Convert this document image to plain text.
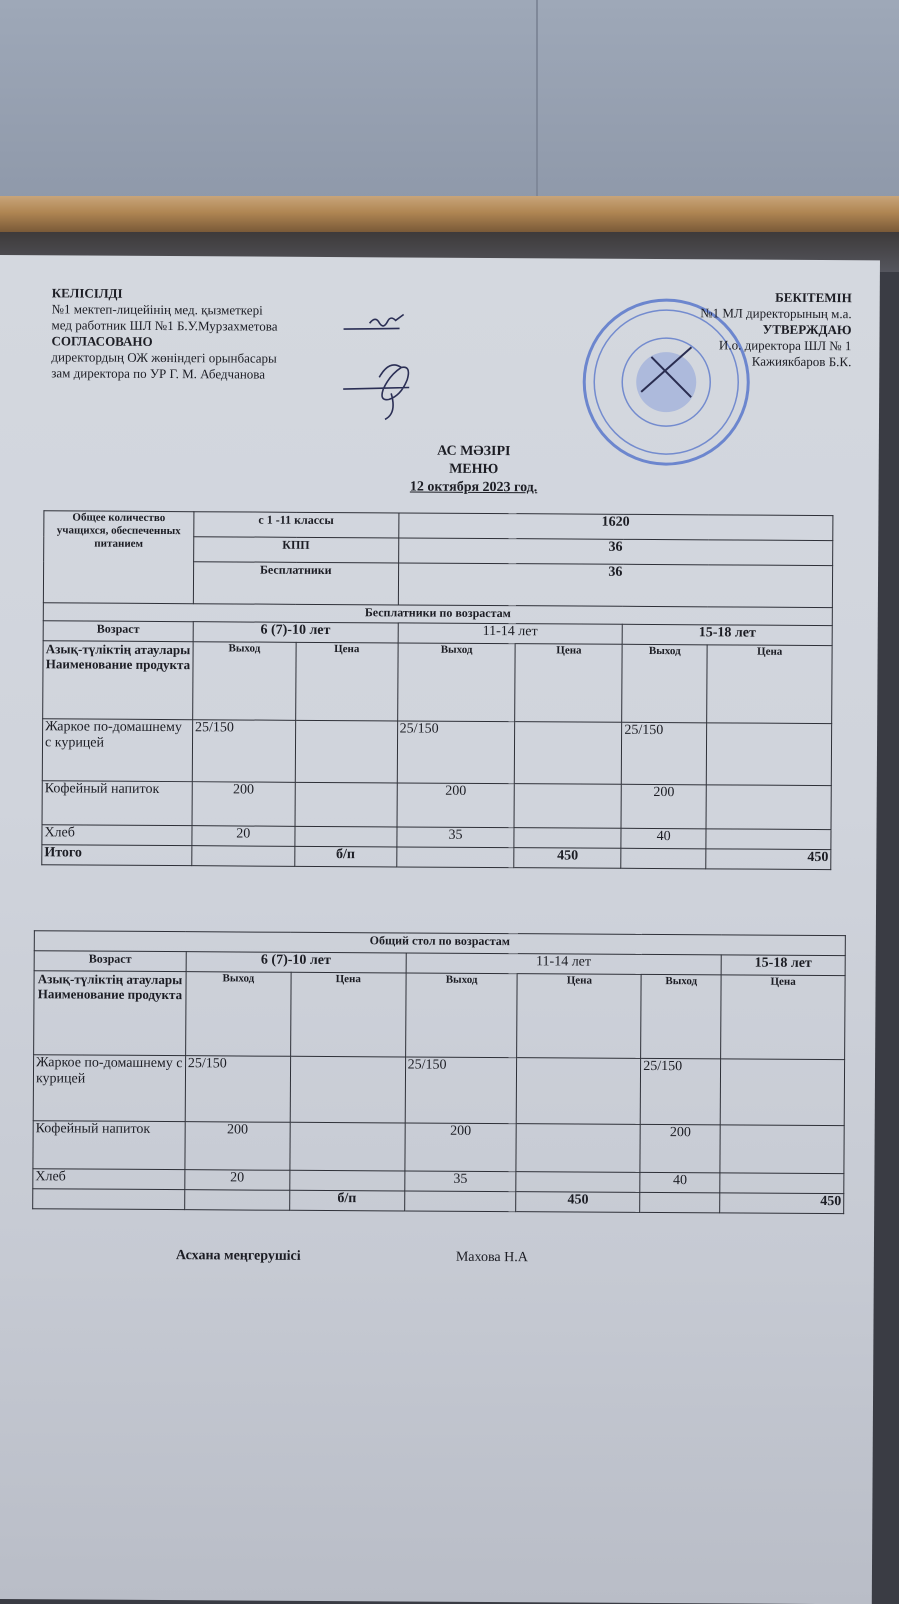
КЕЛІСІЛДІ
№1 мектеп-лицейінің мед. қызметкері
мед работник ШЛ №1 Б.У.Мурзахметова
СОГЛАСОВАНО
директордың ОЖ жөніндегі орынбасары
зам директора по УР Г. М. Абедчанова
БЕКІТЕМІН
№1 МЛ директорының м.а.
УТВЕРЖДАЮ
И.о. директора ШЛ № 1
Кажиякбаров Б.К.
АС МӘЗІРІ
МЕНЮ
12 октября 2023 год.
Общее количество учащихся, обеспеченных питанием	с 1 -11 классы		1620			
	КПП		36			
	Бесплатники		36			
Бесплатники по возрастам						
Возраст	6 (7)-10 лет		11-14 лет		15-18 лет	
Азық-түліктің атаулары Наименование продукта	Выход	Цена	Выход	Цена	Выход	Цена
Жаркое по-домашнему с курицей	25/150		25/150		25/150	
Кофейный напиток	200		200		200	
Хлеб	20		35		40	
Итого		б/п		450		450
Общий стол по возрастам						
Возраст	6 (7)-10 лет		11-14 лет			15-18 лет
Азық-түліктің атаулары Наименование продукта	Выход	Цена	Выход	Цена	Выход	Цена
Жаркое по-домашнему с курицей	25/150		25/150		25/150	
Кофейный напиток	200		200		200	
Хлеб	20		35		40	
		б/п		450		450
Асхана меңгерушісі	Махова Н.А
